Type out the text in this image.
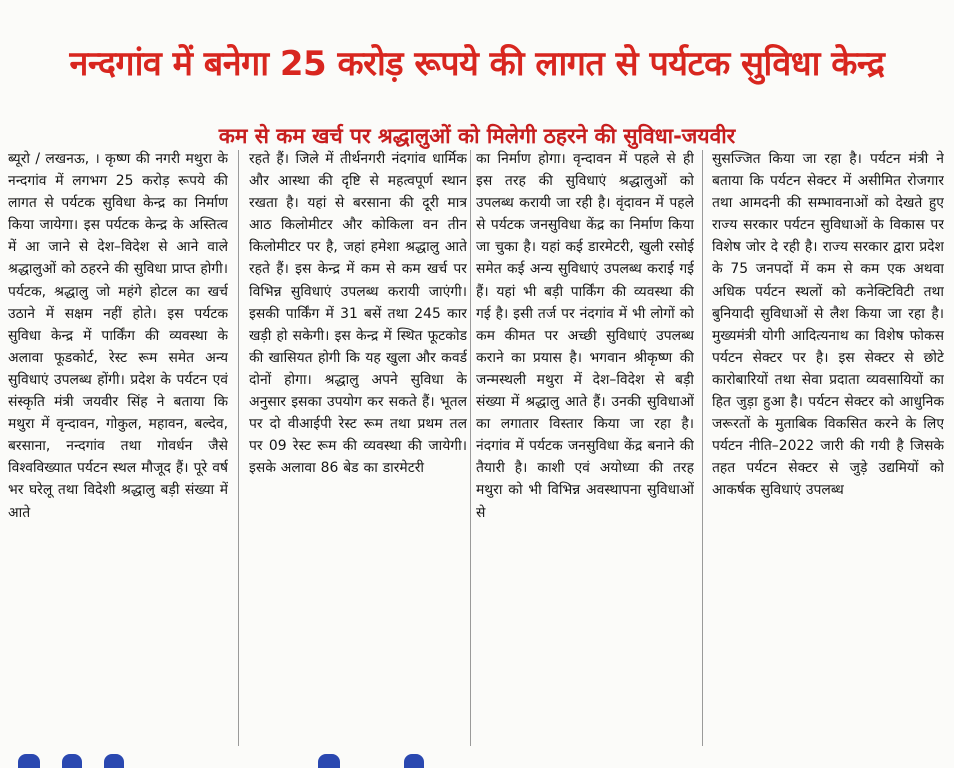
नन्दगांव में बनेगा 25 करोड़ रूपये की लागत से पर्यटक सुविधा केन्द्र
कम से कम खर्च पर श्रद्धालुओं को मिलेगी ठहरने की सुविधा-जयवीर

ब्यूरो / लखनऊ, । कृष्ण की नगरी मथुरा के नन्दगांव में लगभग 25 करोड़ रूपये की लागत से पर्यटक सुविधा केन्द्र का निर्माण किया जायेगा। इस पर्यटक केन्द्र के अस्तित्व में आ जाने से देश–विदेश से आने वाले श्रद्धालुओं को ठहरने की सुविधा प्राप्त होगी। पर्यटक, श्रद्धालु जो महंगे होटल का खर्च उठाने में सक्षम नहीं होते। इस पर्यटक सुविधा केन्द्र में पार्किंग की व्यवस्था के अलावा फूडकोर्ट, रेस्ट रूम समेत अन्य सुविधाएं उपलब्ध होंगी। प्रदेश के पर्यटन एवं संस्कृति मंत्री जयवीर सिंह ने बताया कि मथुरा में वृन्दावन, गोकुल, महावन, बल्देव, बरसाना, नन्दगांव तथा गोवर्धन जैसे विश्वविख्यात पर्यटन स्थल मौजूद हैं। पूरे वर्ष भर घरेलू तथा विदेशी श्रद्धालु बड़ी संख्या में आते

रहते हैं। जिले में तीर्थनगरी नंदगांव धार्मिक और आस्था की दृष्टि से महत्वपूर्ण स्थान रखता है। यहां से बरसाना की दूरी मात्र आठ किलोमीटर और कोकिला वन तीन किलोमीटर पर है, जहां हमेशा श्रद्धालु आते रहते हैं। इस केन्द्र में कम से कम खर्च पर विभिन्न सुविधाएं उपलब्ध करायी जाएंगी। इसकी पार्किंग में 31 बसें तथा 245 कार खड़ी हो सकेगी। इस केन्द्र में स्थित फूटकोड की खासियत होगी कि यह खुला और कवर्ड दोनों होगा। श्रद्धालु अपने सुविधा के अनुसार इसका उपयोग कर सकते हैं। भूतल पर दो वीआईपी रेस्ट रूम तथा प्रथम तल पर 09 रेस्ट रूम की व्यवस्था की जायेगी। इसके अलावा 86 बेड का डारमेटरी

का निर्माण होगा। वृन्दावन में पहले से ही इस तरह की सुविधाएं श्रद्धालुओं को उपलब्ध करायी जा रही है। वृंदावन में पहले से पर्यटक जनसुविधा केंद्र का निर्माण किया जा चुका है। यहां कई डारमेटरी, खुली रसोई समेत कई अन्य सुविधाएं उपलब्ध कराई गई हैं। यहां भी बड़ी पार्किंग की व्यवस्था की गई है। इसी तर्ज पर नंदगांव में भी लोगों को कम कीमत पर अच्छी सुविधाएं उपलब्ध कराने का प्रयास है। भगवान श्रीकृष्ण की जन्मस्थली मथुरा में देश–विदेश से बड़ी संख्या में श्रद्धालु आते हैं। उनकी सुविधाओं का लगातार विस्तार किया जा रहा है। नंदगांव में पर्यटक जनसुविधा केंद्र बनाने की तैयारी है। काशी एवं अयोध्या की तरह मथुरा को भी विभिन्न अवस्थापना सुविधाओं से

सुसज्जित किया जा रहा है। पर्यटन मंत्री ने बताया कि पर्यटन सेक्टर में असीमित रोजगार तथा आमदनी की सम्भावनाओं को देखते हुए राज्य सरकार पर्यटन सुविधाओं के विकास पर विशेष जोर दे रही है। राज्य सरकार द्वारा प्रदेश के 75 जनपदों में कम से कम एक अथवा अधिक पर्यटन स्थलों को कनेक्टिविटी तथा बुनियादी सुविधाओं से लैश किया जा रहा है। मुख्यमंत्री योगी आदित्यनाथ का विशेष फोकस पर्यटन सेक्टर पर है। इस सेक्टर से छोटे कारोबारियों तथा सेवा प्रदाता व्यवसायियों का हित जुड़ा हुआ है। पर्यटन सेक्टर को आधुनिक जरूरतों के मुताबिक विकसित करने के लिए पर्यटन नीति–2022 जारी की गयी है जिसके तहत पर्यटन सेक्टर से जुड़े उद्यमियों को आकर्षक सुविधाएं उपलब्ध
